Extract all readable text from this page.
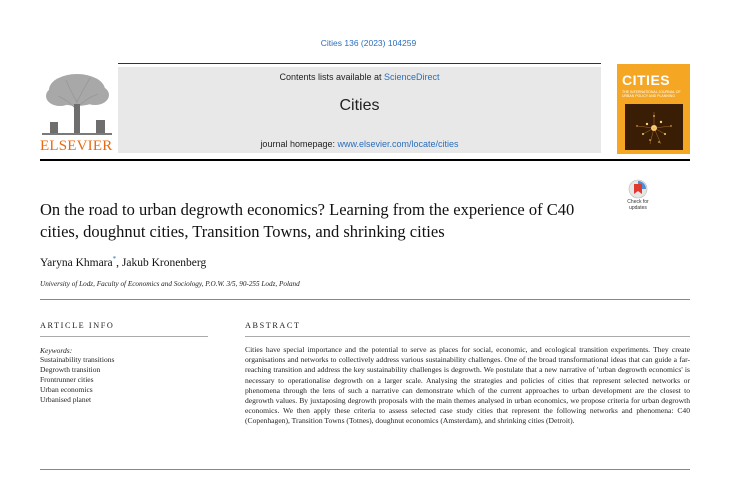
Cities 136 (2023) 104259
Contents lists available at ScienceDirect
Cities
journal homepage: www.elsevier.com/locate/cities
ELSEVIER
CITIES
THE INTERNATIONAL JOURNAL OF URBAN POLICY AND PLANNING
Check for
updates
On the road to urban degrowth economics? Learning from the experience of C40 cities, doughnut cities, Transition Towns, and shrinking cities
Yaryna Khmara*, Jakub Kronenberg
University of Lodz, Faculty of Economics and Sociology, P.O.W. 3/5, 90-255 Lodz, Poland
ARTICLE INFO
Keywords:
Sustainability transitions
Degrowth transition
Frontrunner cities
Urban economics
Urbanised planet
ABSTRACT

Cities have special importance and the potential to serve as places for social, economic, and ecological transition experiments. They create organisations and networks to collectively address various sustainability challenges. One of the broad transformational ideas that can guide a far-reaching transition and address the key sustainability challenges is degrowth. We postulate that a new narrative of 'urban degrowth economics' is necessary to operationalise degrowth on a larger scale. Analysing the strategies and policies of cities that represent selected networks or phenomena through the lens of such a narrative can demonstrate which of the current approaches to urban development are the closest to degrowth values. By juxtaposing degrowth proposals with the main themes analysed in urban economics, we propose criteria for urban degrowth economics. We then apply these criteria to assess selected case study cities that represent the following networks and phenomena: C40 (Copenhagen), Transition Towns (Totnes), doughnut economics (Amsterdam), and shrinking cities (Detroit).
